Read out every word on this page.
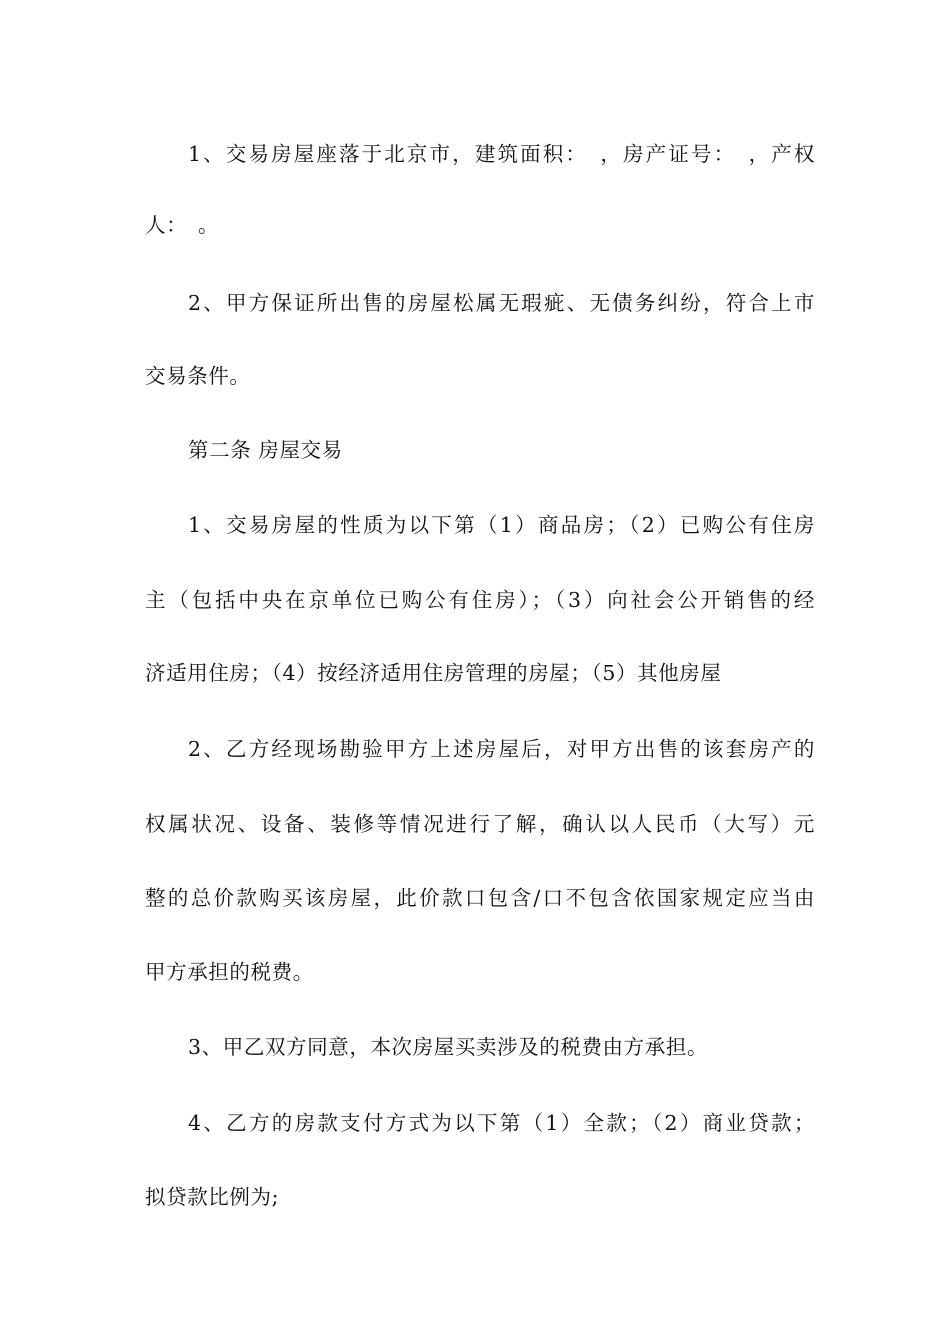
1、交易房屋座落于北京市，建筑面积：　，房产证号：　，产权
人：　。
2、甲方保证所出售的房屋松属无瑕疵、无债务纠纷，符合上市
交易条件。
第二条 房屋交易
1、交易房屋的性质为以下第（1）商品房；（2）已购公有住房
主（包括中央在京单位已购公有住房）；（3）向社会公开销售的经
济适用住房；（4）按经济适用住房管理的房屋；（5）其他房屋
2、乙方经现场勘验甲方上述房屋后，对甲方出售的该套房产的
权属状况、设备、装修等情况进行了解，确认以人民币（大写）元
整的总价款购买该房屋，此价款口包含/口不包含依国家规定应当由
甲方承担的税费。
3、甲乙双方同意，本次房屋买卖涉及的税费由方承担。
4、乙方的房款支付方式为以下第（1）全款；（2）商业贷款；
拟贷款比例为;
